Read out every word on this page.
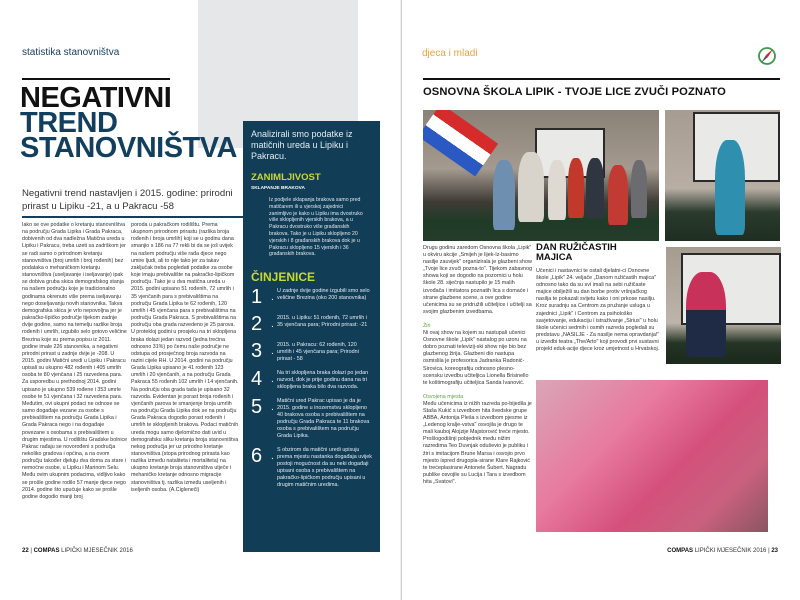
statistika stanovništva
NEGATIVNI
TREND
STANOVNIŠTVA
Negativni trend nastavljen i 2015. godine: prirodni prirast u Lipiku -21, a u Pakracu -58

Iako se ove podatke o kretanju stanovništva na području Grada Lipika i Grada Pakraca, dobivenih od dva nadležna Matična ureda u Lipiku i Pakracu, treba uzeti sa zadrškom jer se radi samo o prirodnom kretanju stanovništva (broj umrlih i broj rođenih) bez podataka o mehaničkom kretanju stanovništva (useljavanje i iseljavanje) ipak se dobiva gruba skica demografskog stanja na našem području koje je tradicionalno godinama okrenuto više prema iseljavanju nego doseljavanju novih stanovnika. Takva demografska skica je vrlo nepovoljna jer je pakračko-lipičko područje tijekom zadnje dvije godine, samo na temelju razlike broja rođenih i umrlih, izgubilo selo gotovo veličine Brezina koje su prema popisu iz 2011. godine imale 226 stanovnika, a negativni prirodni prirast u zadnje dvije je -208. U 2015. godini Matični uredi u Lipiku i Pakracu upisali su ukupno 482 rođenih i 405 umrlih osoba te 80 vjenčana i 25 razvedena para. Za usporedbu u prethodnoj 2014. godini upisano je ukupno 539 rođene i 353 umrle osobe te 51 vjenčana i 32 razvedena para. Međutim, ovi ukupni podaci ne odnose se samo događaje vezane za osobe s prebivalištem na području Grada Lipika i Grada Pakraca nego i na događaje povezane s osobama s prebivalištem u drugim mjestima. U rodilištu Gradske bolnice Pakrac rađaju se novorođeni s područja nekoliko gradova i općina, a na ovom području također djeluju dva doma za stare i nemoćne osobe, u Lipiku i Marinom Selu. Među ovim ukupnim podacima, vidljivo kako se prošle godine rodilo 57 manje djece nego 2014. godine što upućuje kako se prošle godine dogodio manji broj

poroda u pakračkom rodilištu. Prema ukupnom prirodnom prirastu (razlika broja rođenih i broja umrlih) koji se u godinu dana smanjio s 186 na 77 rekli bi da se još uvijek na našem području više rađa djece nego umire ljudi, ali to nije tako jer za takav zaključak treba pogledati podatke za osobe koje imaju prebivalište na pakračko-lipičkom području. Tako je u dva matična ureda u 2015. godini upisano 51 rođenih, 72 umrlih i 35 vjenčanih para s prebivalištima na području Grada Lipika te 62 rođenih, 120 umrlih i 45 vjenčana para s prebivalištima na području Grada Pakraca. S prebivalištima na području oba grada razvedeno je 25 parova. U protekloj godini u prosjeku na tri sklopljena braka dolazi jedan razvod (jedna trećina odnosno 31%) po čemu naše područje ne odstupa od prosječnog broja razvoda na razini cijele RH. U 2014. godini na području Grada Lipika upisano je 41 rođenih 123 umrlih i 20 vjenčanih, a na području Grada Pakraca 55 rođenih 102 umrlih i 14 vjenčanih. Na području oba grada tada je upisano 32 razvoda. Evidentan je porast broja rođenih i vjenčanih parova te smanjenje broja umrlih na području Grada Lipika dok se na području Grada Pakraca dogodio porast rođenih i umrlih te sklopljenih brakova. Podaci matičnih ureda mogu samo djelomično dati uvid u demografsku sliku kretanja broja stanovništva nekog područja jer uz prirodno kretanje stanovništva (stopa prirodnog prirasta kao razlika između nataliteta i mortaliteta) na ukupno kretanje broja stanovništva utječe i mehaničko kretanje odnosno migracije stanovništva tj. razlika između useljenih i iseljenih osoba. (A.Cigleneči)

Analizirali smo podatke iz matičnih ureda u Lipiku i Pakracu.
ZANIMLJIVOST
SKLAPANJE BRAKOVA
Iz podjele sklapanja brakova samo pred matičarem ili u vjerskoj zajednici zanimljivo je kako u Lipiku ima dvostruko više sklopljenih vjerskih brakova, a u Pakracu dvostruko više građanskih brakova. Tako je u Lipiku sklopljeno 20 vjerskih i 8 građanskih brakova dok je u Pakracu sklopljeno 15 vjerskih i 36 građanskih brakova.
ČINJENICE
1 .
U zadnje dvije godine izgubili smo selo veličine Brezina (oko 200 stanovnika)
2 .
2015. u Lipiku: 51 rođenih, 72 umrlih i 35 vjenčana para; Prirodni prirast: -21
3 .
2015. u Pakracu: 62 rođenih, 120 umrlih i 45 vjenčana para; Prirodni prirast - 58
4 .
Na tri sklopljena braka dolazi po jedan razvod, dok je prije godinu dana na tri sklopljena braka bilo dva razvoda.
5 .
Matični ured Pakrac upisao je da je 2015. godine u inozemstvu sklopljeno 40 brakova osoba s prebivalištem na području Grada Pakraca te 11 brakova osoba s prebivalištem na području Grada Lipika.
6 .
S obzirom da matični uredi upisuju prema mjestu nastanka događaja uvijek postoji mogućnost da su neki događaji upisani osoba s prebivalištem na pakračko-lipičkom području upisani u drugim matičnim uredima.
22 | COMPAS LIPIČKI MJESEČNIK 2016
djeca i mladi
OSNOVNA ŠKOLA LIPIK - TVOJE LICE ZVUČI POZNATO

Drugu godinu zaredom Osnovna škola „Lipik" u okviru akcije „Smijeh je lijek-Iz-basimo nasilje zauvijek" organizirala je glazbeni show „Tvoje lice zvuči pozna-to". Tijekom zabavnog showa koji se dogodio na pozornici u holu škole 28. siječnja nastupilo je 15 malih izvođača i imitatora poznatih lica s domaće i strane glazbene scene, a ove godine učenicima su se pridružili učiteljice i učitelji sa svojim glazbenim izvedbama.

Žiri

Ni ovaj show na kojem su nastupali učenici Osnovne škole „Lipik" nastalog po uzoru na dobro poznati televizij-ski show nije bio bez glazbenog žirija. Glazbeni dio nastupa osmislila je profesorica Jadranka Radonić-Sirovica, koreografiju odnosno plesno-scensku izvedbu učiteljica Lionella Brisinello te koštimografiju učiteljica Sanda Ivanović.

Osvojena mjesta

Među učenicima iz nižih razreda po-bijedila je Staša Kukić s izvedbom hita švedske grupe ABBA, Antonija Pleša s izvedbom pjesme iz „Ledenog kralje-vstva" osvojila je drugo te mali kauboj Alojzije Majstorović treće mjesto. Prošlogodišnji pobjednik među nižim razredima Teo Duvnjak oduševio je publiku i žiri s imitacijom Brune Marsa i osvojio prvo mjesto ispred drugopla-sirane Klare Rajković te trećeplasirane Antonele Šubert. Nagradu publike osvojile su Lucija i Tara s izvedbom hita „Svatovi".

DAN RUŽIČASTIH
MAJICA

Učenici i nastavnici te ostali djelatni-ci Osnovne škole „Lipik" 24. veljače „Danom ružičastih majica" odnosno tako da su svi imali na sebi ružičaste majice obilježili su dan borbe protiv vršnjačkog nasilja te pokazali svijetu kako i oni prkose nasilju. Kroz suradnju sa Centrom za pružanje usluga u zajednici „Lipik" i Centrom za psihološko savjetovanje, edukaciju i istraživanje „Sirius" u holu škole učenici sedmih i osmih razreda pogledali su predstavu „NASILJE - Za nasilje nema opravdanja!" u izvedbi teatra „The/Arto" koji provodi prvi sustavni projekt eduk-acije djece kroz umjetnost u Hrvatskoj.

COMPAS LIPIČKI MJESEČNIK 2016 | 23
